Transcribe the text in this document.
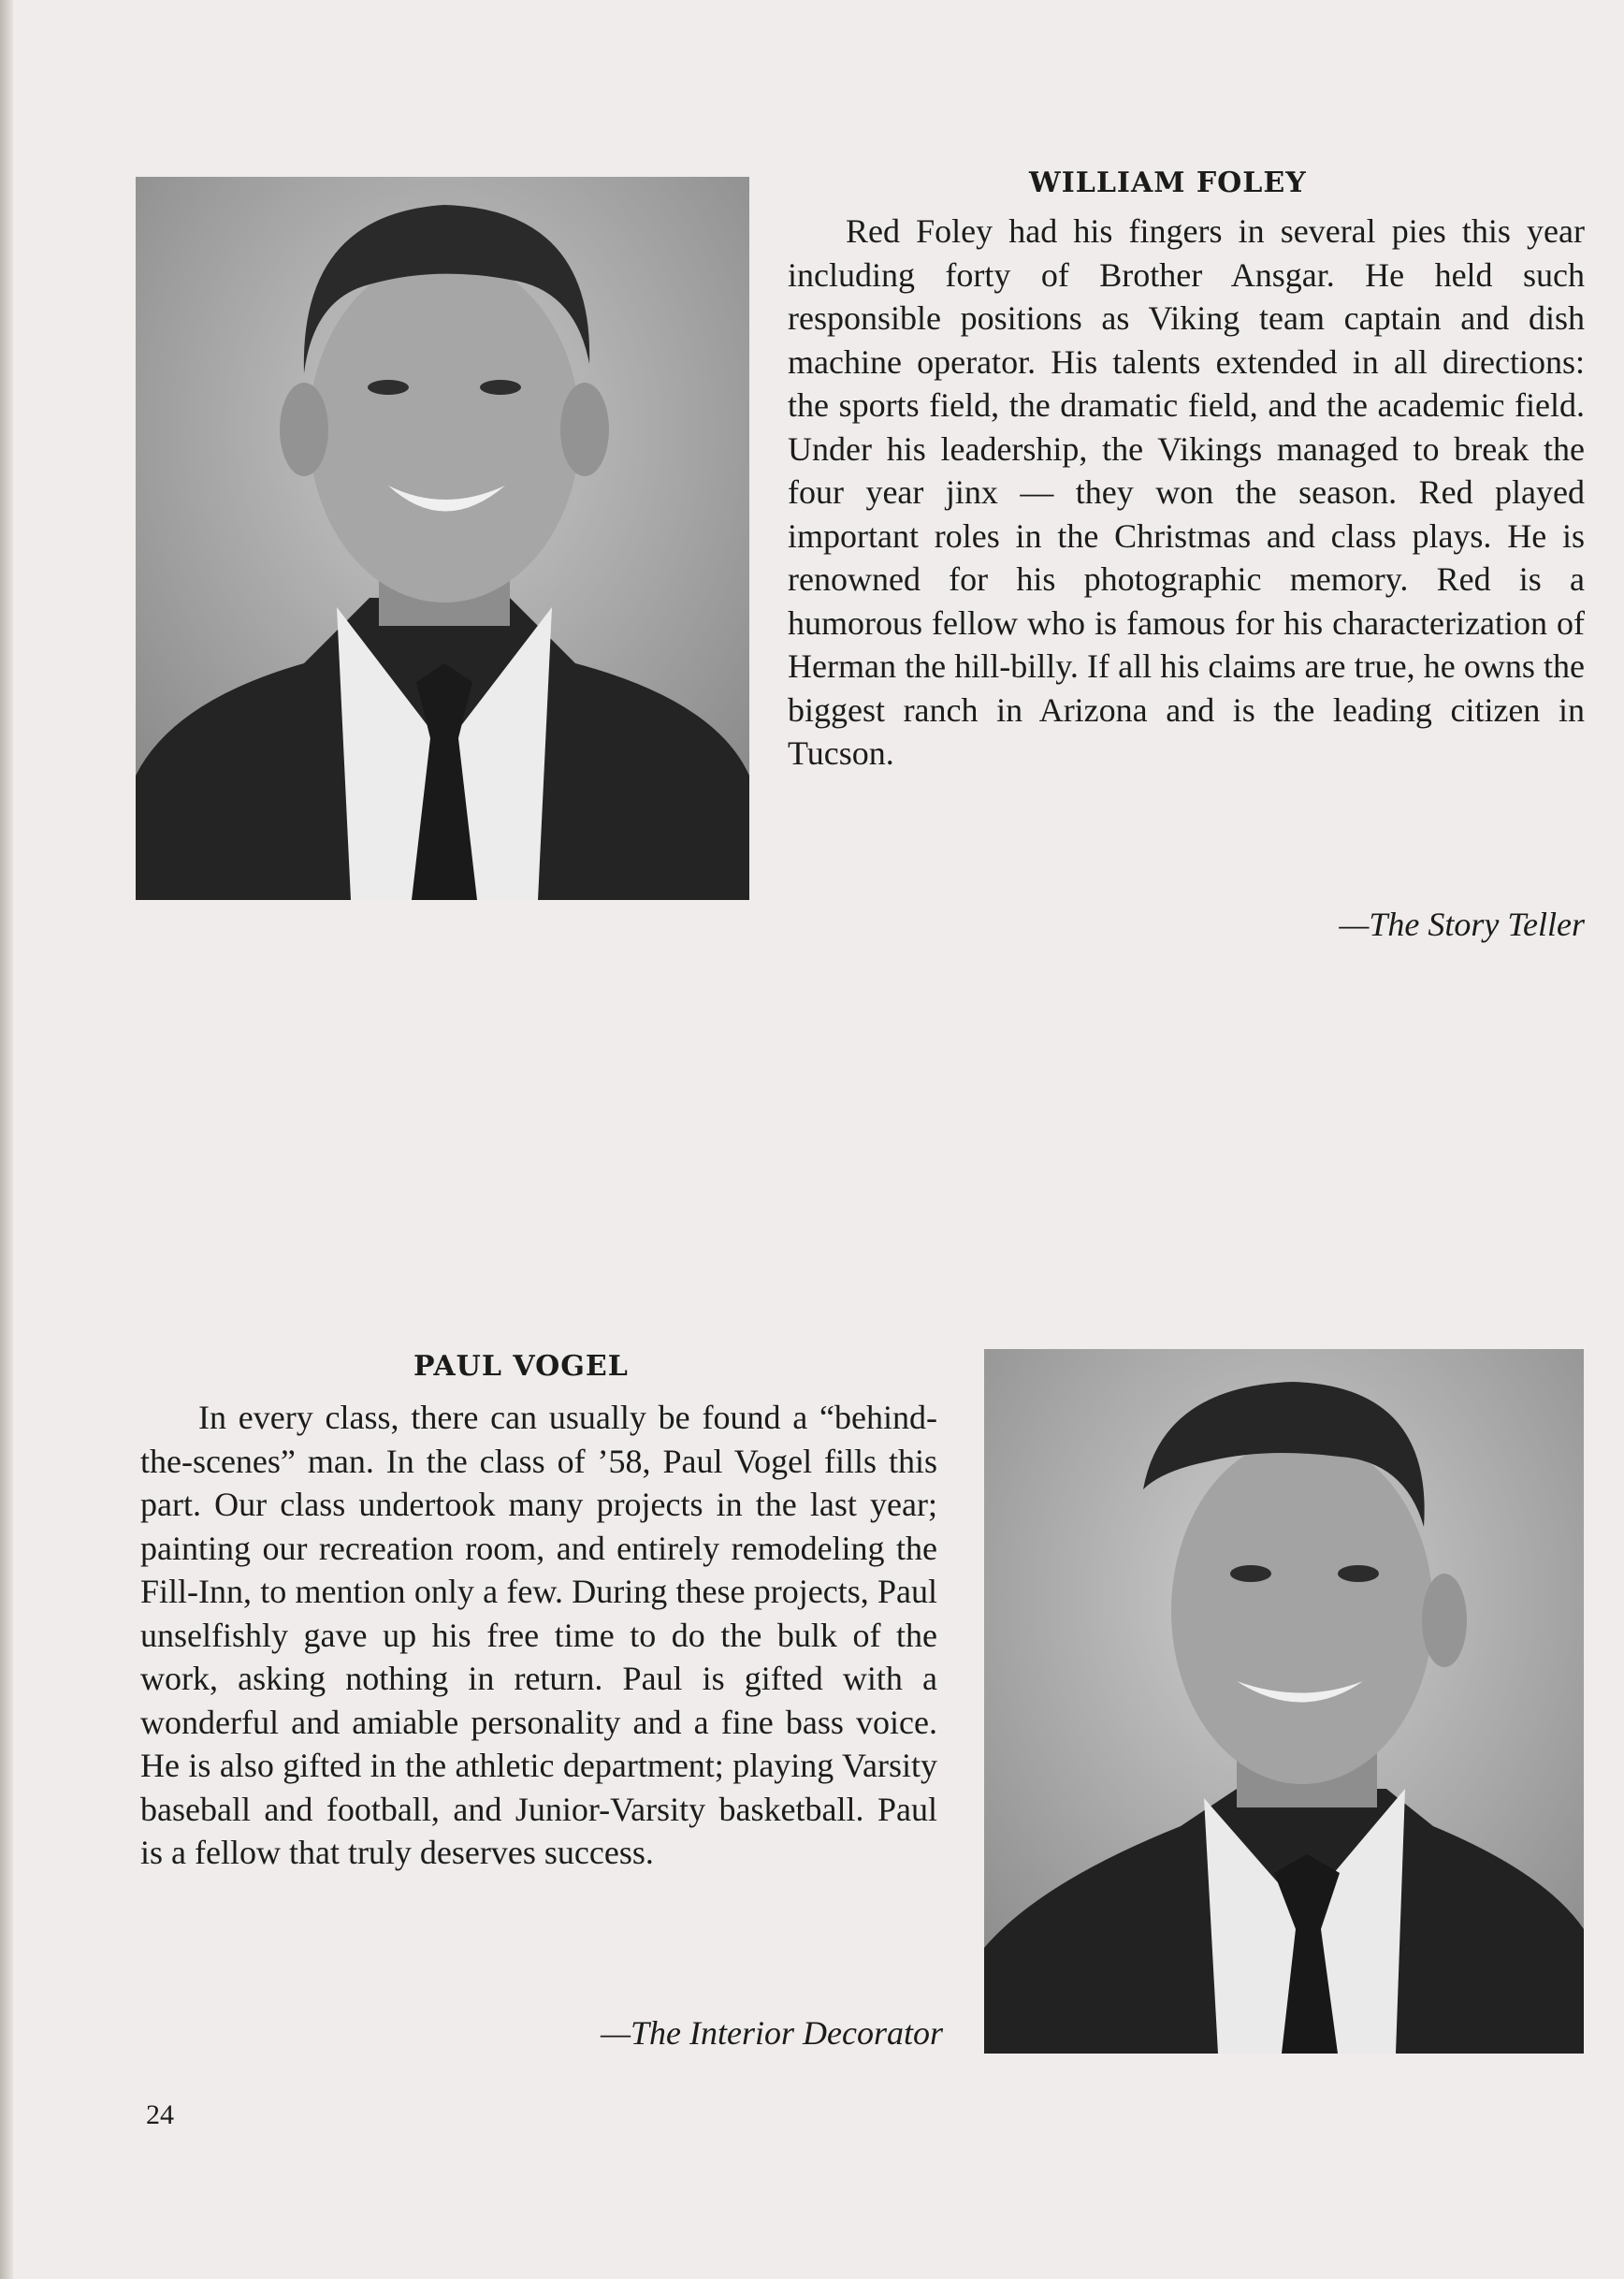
WILLIAM FOLEY

Red Foley had his fingers in several pies this year including forty of Brother Ansgar. He held such responsible positions as Viking team captain and dish machine operator. His talents extended in all directions: the sports field, the dramatic field, and the academic field. Under his leadership, the Vikings managed to break the four year jinx — they won the season. Red played important roles in the Christmas and class plays. He is renowned for his photographic memory. Red is a humorous fellow who is famous for his characterization of Herman the hill-billy. If all his claims are true, he owns the biggest ranch in Arizona and is the leading citizen in Tucson.

—The Story Teller
PAUL VOGEL

In every class, there can usually be found a “behind-the-scenes” man. In the class of ’58, Paul Vogel fills this part. Our class undertook many projects in the last year; painting our recreation room, and entirely remodeling the Fill-Inn, to mention only a few. During these projects, Paul unselfishly gave up his free time to do the bulk of the work, asking nothing in return. Paul is gifted with a wonderful and amiable personality and a fine bass voice. He is also gifted in the athletic department; playing Varsity baseball and football, and Junior-Varsity basketball. Paul is a fellow that truly deserves success.

—The Interior Decorator
24
